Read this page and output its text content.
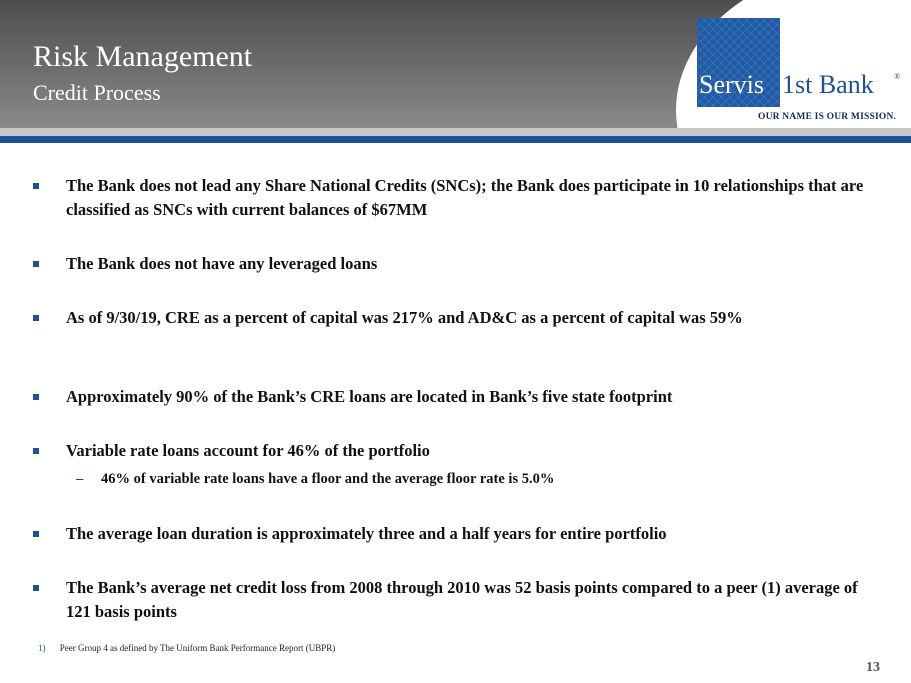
Risk Management
Credit Process	Servis 1st Bank	®
OUR NAME IS OUR MISSION.
The Bank does not lead any Share National Credits (SNCs); the Bank does participate in 10 relationships that are classified as SNCs with current balances of $67MM
The Bank does not have any leveraged loans
As of 9/30/19, CRE as a percent of capital was 217% and AD&C as a percent of capital was 59%
Approximately 90% of the Bank’s CRE loans are located in Bank’s five state footprint
Variable rate loans account for 46% of the portfolio
– 46% of variable rate loans have a floor and the average floor rate is 5.0%
The average loan duration is approximately three and a half years for entire portfolio
The Bank’s average net credit loss from 2008 through 2010 was 52 basis points compared to a peer (1) average of 121 basis points
1) Peer Group 4 as defined by The Uniform Bank Performance Report (UBPR)
13
